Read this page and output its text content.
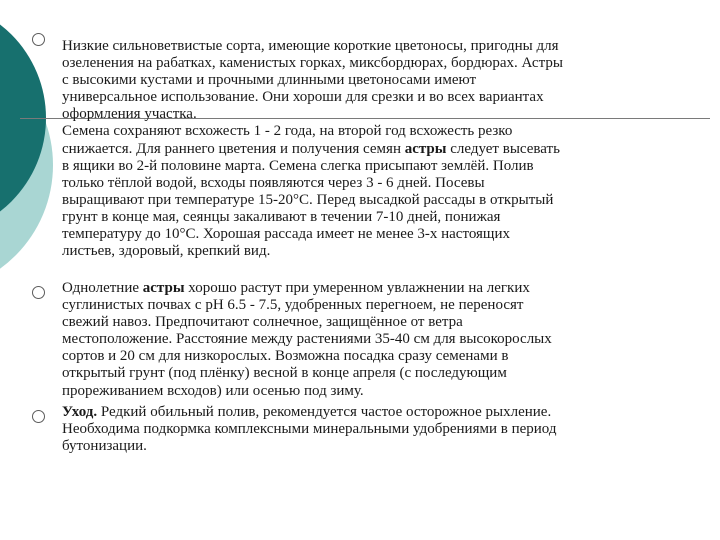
Низкие сильноветвистые сорта, имеющие короткие цветоносы, пригодны для
озеленения на рабатках, каменистых горках, миксбордюрах, бордюрах. Астры
с высокими кустами и прочными длинными цветоносами имеют
универсальное использование. Они хороши для срезки и во всех вариантах
оформления участка.
Семена сохраняют всхожесть 1 - 2 года, на второй год всхожесть резко
снижается. Для раннего цветения и получения семян астры следует высевать
в ящики во 2-й половине марта. Семена слегка присыпают землёй. Полив
только тёплой водой, всходы появляются через 3 - 6 дней. Посевы
выращивают при температуре 15-20°С. Перед высадкой рассады в открытый
грунт в конце мая, сеянцы закаливают в течении 7-10 дней, понижая
температуру до 10°С. Хорошая рассада имеет не менее 3-х настоящих
листьев, здоровый, крепкий вид.
Однолетние астры хорошо растут при умеренном увлажнении на легких
суглинистых почвах с рН 6.5 - 7.5, удобренных перегноем, не переносят
свежий навоз. Предпочитают солнечное, защищённое от ветра
местоположение. Расстояние между растениями 35-40 см для высокорослых
сортов и 20 см для низкорослых. Возможна посадка сразу семенами в
открытый грунт (под плёнку) весной в конце апреля (с последующим
прореживанием всходов) или осенью под зиму.
Уход. Редкий обильный полив, рекомендуется частое осторожное рыхление.
Необходима подкормка комплексными минеральными удобрениями в период
бутонизации.
